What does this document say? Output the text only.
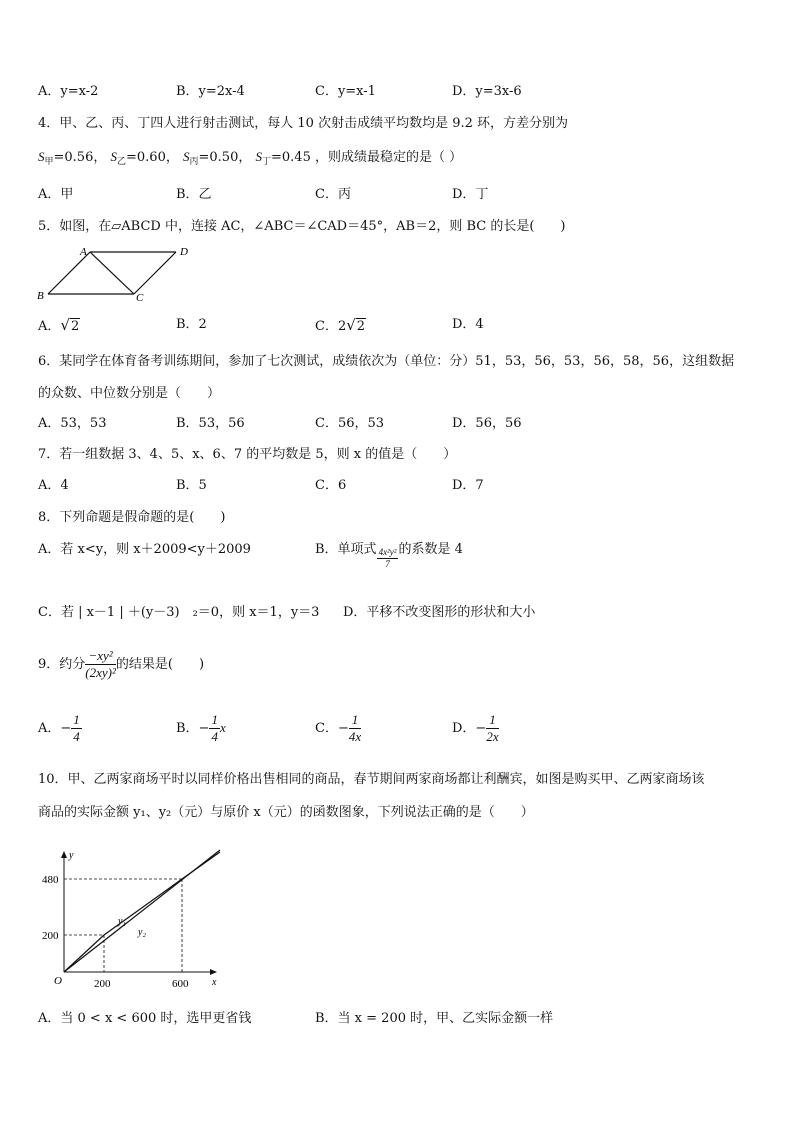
A．y=x-2	B．y=2x-4	C．y=x-1	D．y=3x-6
4．甲、乙、丙、丁四人进行射击测试，每人 10 次射击成绩平均数均是 9.2 环，方差分别为
$S_甲=0.56$， $S_乙=0.60$， $S_丙=0.50$， $S_丁=0.45$ ，则成绩最稳定的是（ ）
A．甲	B．乙	C．丙	D．丁
5．如图，在▱ABCD 中，连接 AC，∠ABC＝∠CAD＝45°，AB＝2，则 BC 的长是(　　)
A	D
B	C
A．√2	B．2	C．2√2	D．4
6．某同学在体育备考训练期间，参加了七次测试，成绩依次为（单位：分）51，53，56，53，56，58，56，这组数据
的众数、中位数分别是（　　）
A．53，53	B．53，56	C．56，53	D．56，56
7．若一组数据 3、4、5、x、6、7 的平均数是 5，则 x 的值是（　　）
A．4	B．5	C．6	D．7
8．下列命题是假命题的是(　　)
A．若 x<y，则 x＋2009<y＋2009	B．单项式 $\frac{\text{4x²y²}}{7}$ 的系数是 4
C．若 | x－1 | ＋(y－3)　₂＝0，则 x＝1，y＝3 D．平移不改变图形的形状和大小
9．约分 $\frac{\text{−xy²}}{\text{(2xy)²}}$ 的结果是(　　)
A．− $\frac{1}{4}$	B．− $\frac{1}{4}$ x	C．− $\frac{1}{4x}$	D．− $\frac{1}{2x}$
10．甲、乙两家商场平时以同样价格出售相同的商品，春节期间两家商场都让利酬宾，如图是购买甲、乙两家商场该
商品的实际金额 y₁、y₂（元）与原价 x（元）的函数图象，下列说法正确的是（　　）
y
x
O
480
200
200	600
y₁
y₂
A．当 0 < x < 600 时，选甲更省钱	B．当 x = 200 时，甲、乙实际金额一样
